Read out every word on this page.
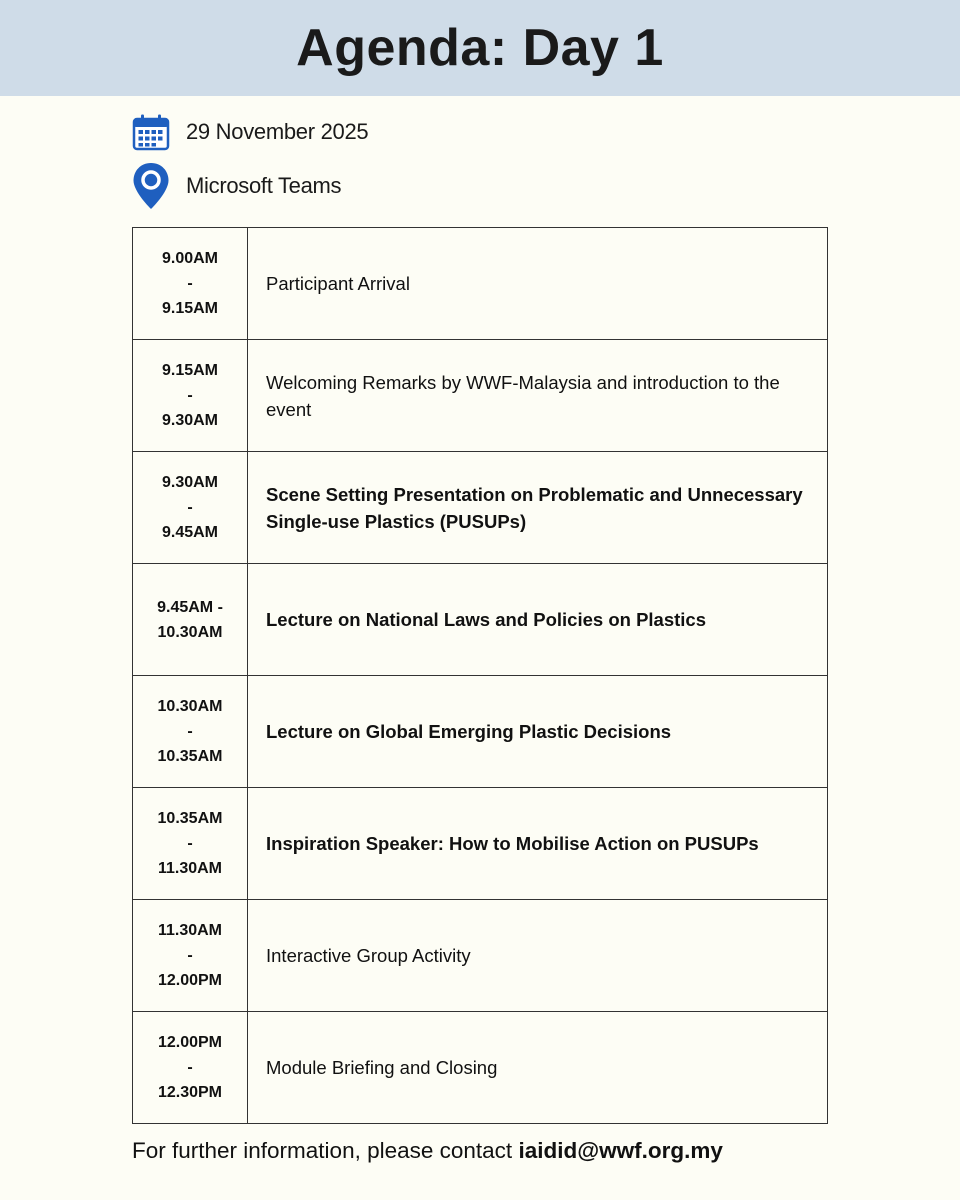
Agenda: Day 1
29 November 2025
Microsoft Teams
9.00AM
-
9.15AM	Participant Arrival

9.15AM
-
9.30AM	Welcoming Remarks by WWF-Malaysia and introduction to the event

9.30AM
-
9.45AM	Scene Setting Presentation on Problematic and Unnecessary Single-use Plastics (PUSUPs)

9.45AM -
10.30AM	Lecture on National Laws and Policies on Plastics

10.30AM
-
10.35AM	Lecture on Global Emerging Plastic Decisions

10.35AM
-
11.30AM	Inspiration Speaker: How to Mobilise Action on PUSUPs

11.30AM
-
12.00PM	Interactive Group Activity

12.00PM
-
12.30PM	Module Briefing and Closing
For further information, please contact iaidid@wwf.org.my
